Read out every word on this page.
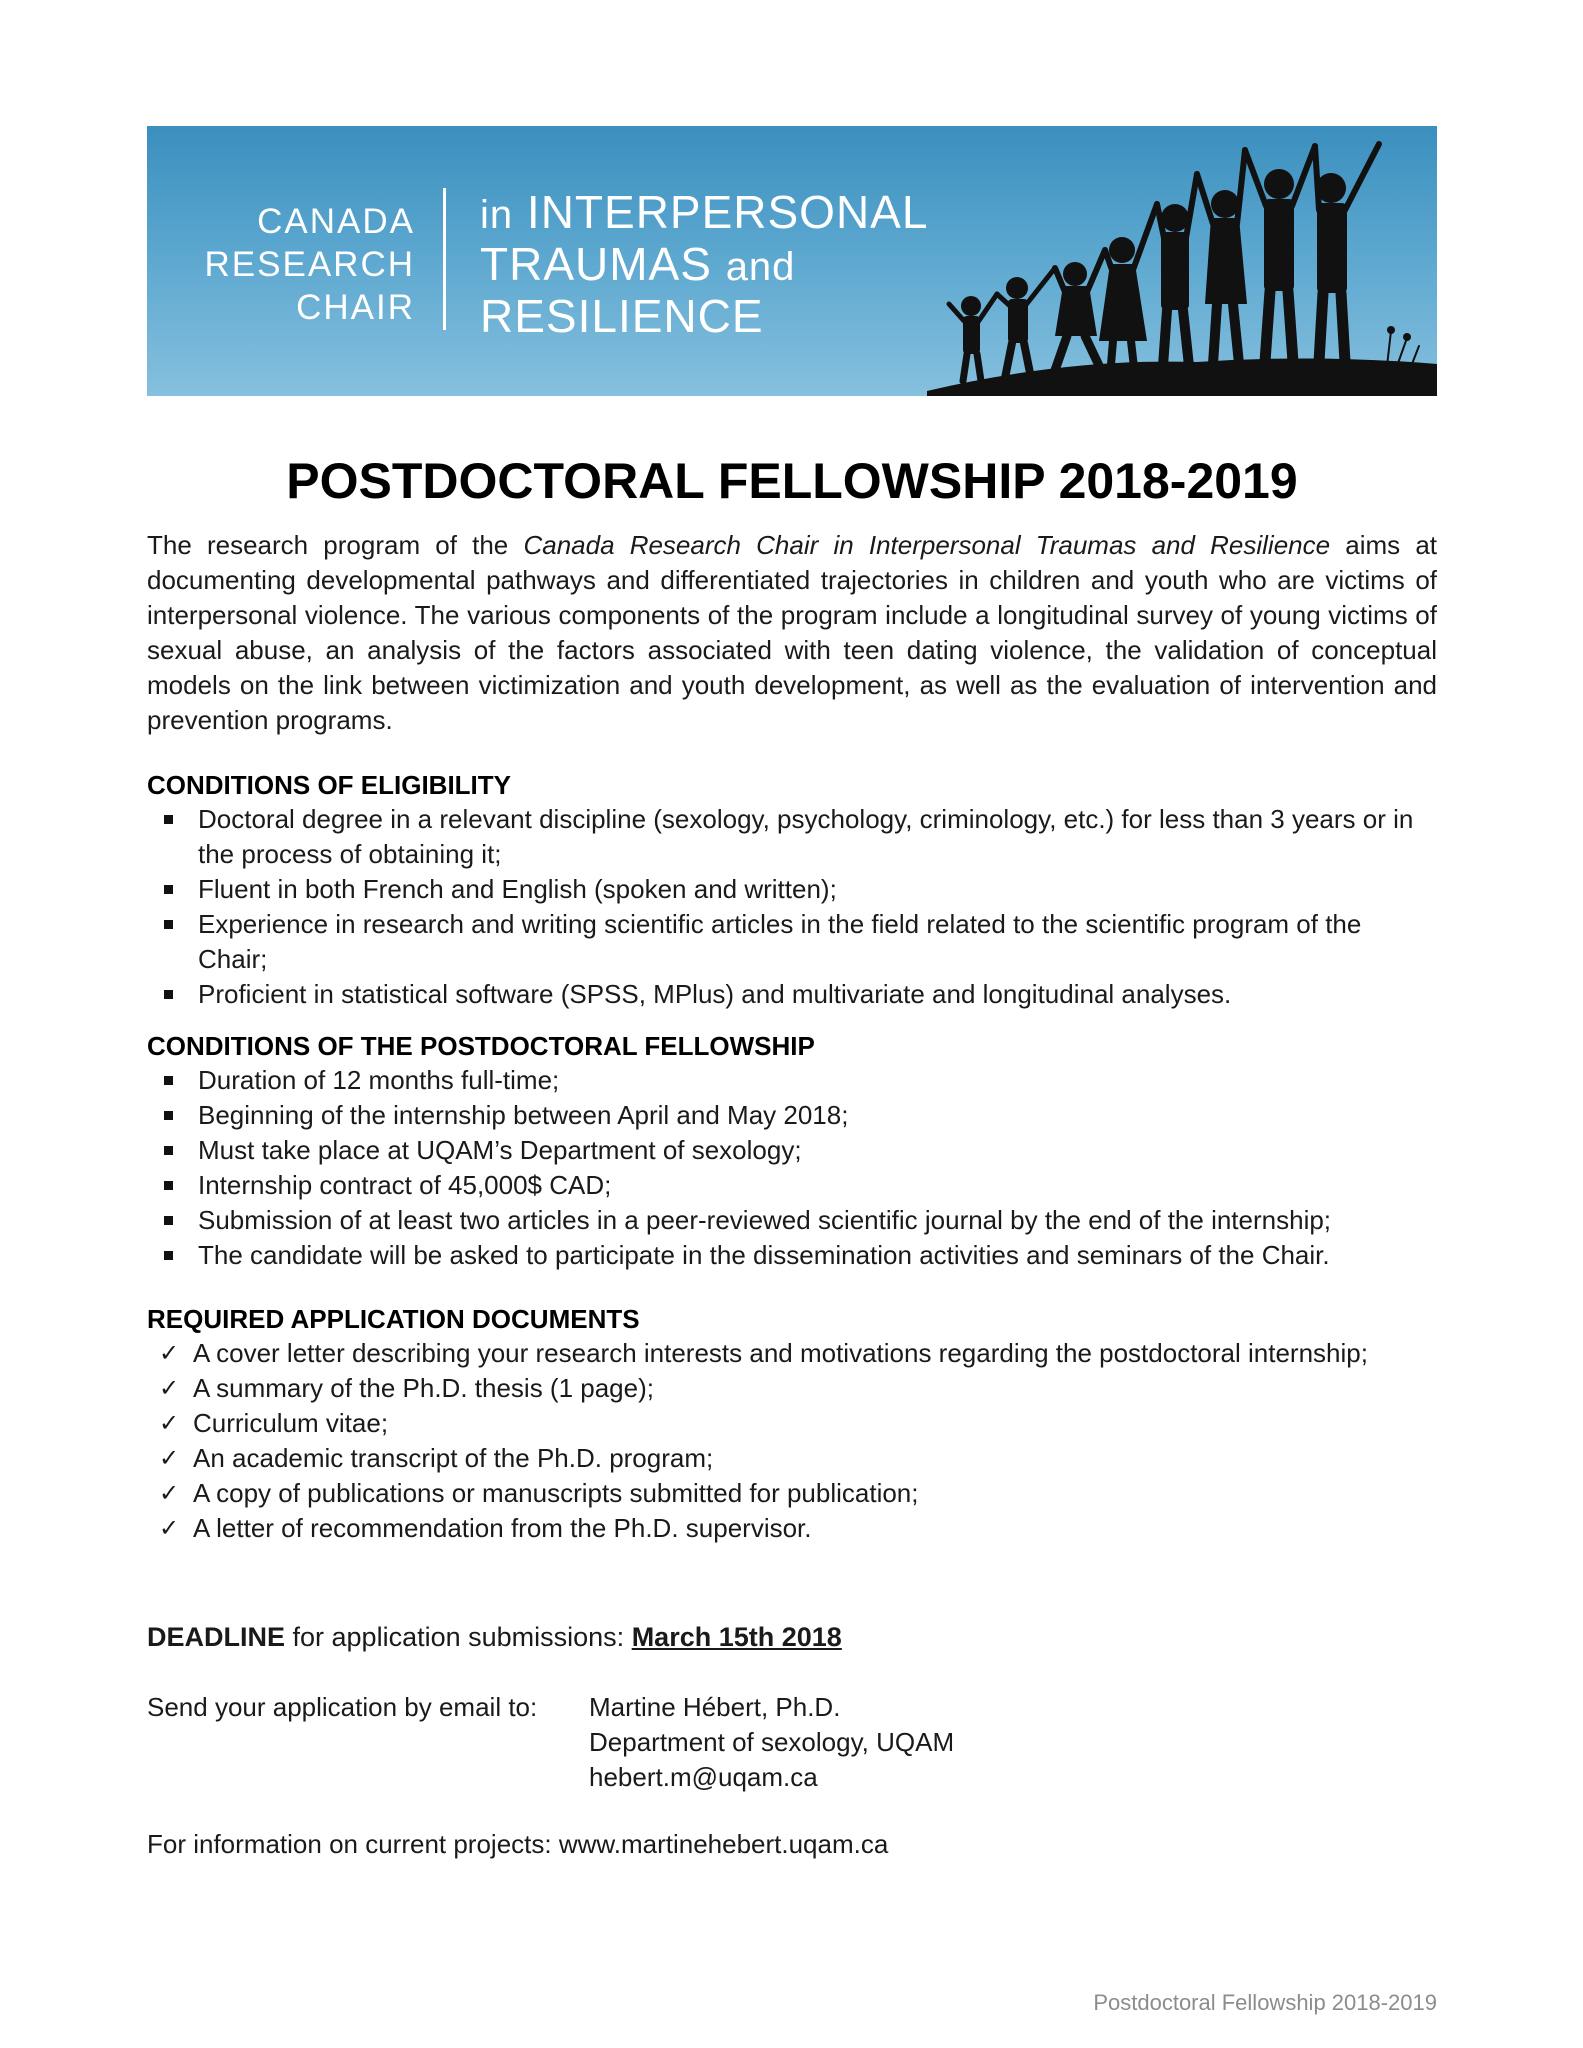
CANADA
RESEARCH
CHAIR
in INTERPERSONAL
TRAUMAS and
RESILIENCE
POSTDOCTORAL FELLOWSHIP 2018-2019
The research program of the Canada Research Chair in Interpersonal Traumas and Resilience aims at documenting developmental pathways and differentiated trajectories in children and youth who are victims of interpersonal violence. The various components of the program include a longitudinal survey of young victims of sexual abuse, an analysis of the factors associated with teen dating violence, the validation of conceptual models on the link between victimization and youth development, as well as the evaluation of intervention and prevention programs.
CONDITIONS OF ELIGIBILITY
Doctoral degree in a relevant discipline (sexology, psychology, criminology, etc.) for less than 3 years or in the process of obtaining it;
Fluent in both French and English (spoken and written);
Experience in research and writing scientific articles in the field related to the scientific program of the Chair;
Proficient in statistical software (SPSS, MPlus) and multivariate and longitudinal analyses.
CONDITIONS OF THE POSTDOCTORAL FELLOWSHIP
Duration of 12 months full-time;
Beginning of the internship between April and May 2018;
Must take place at UQAM’s Department of sexology;
Internship contract of 45,000$ CAD;
Submission of at least two articles in a peer-reviewed scientific journal by the end of the internship;
The candidate will be asked to participate in the dissemination activities and seminars of the Chair.
REQUIRED APPLICATION DOCUMENTS
✓ A cover letter describing your research interests and motivations regarding the postdoctoral internship;
✓ A summary of the Ph.D. thesis (1 page);
✓ Curriculum vitae;
✓ An academic transcript of the Ph.D. program;
✓ A copy of publications or manuscripts submitted for publication;
✓ A letter of recommendation from the Ph.D. supervisor.
DEADLINE for application submissions: March 15th 2018
Send your application by email to: Martine Hébert, Ph.D.
Department of sexology, UQAM
hebert.m@uqam.ca
For information on current projects: www.martinehebert.uqam.ca
Postdoctoral Fellowship 2018-2019
